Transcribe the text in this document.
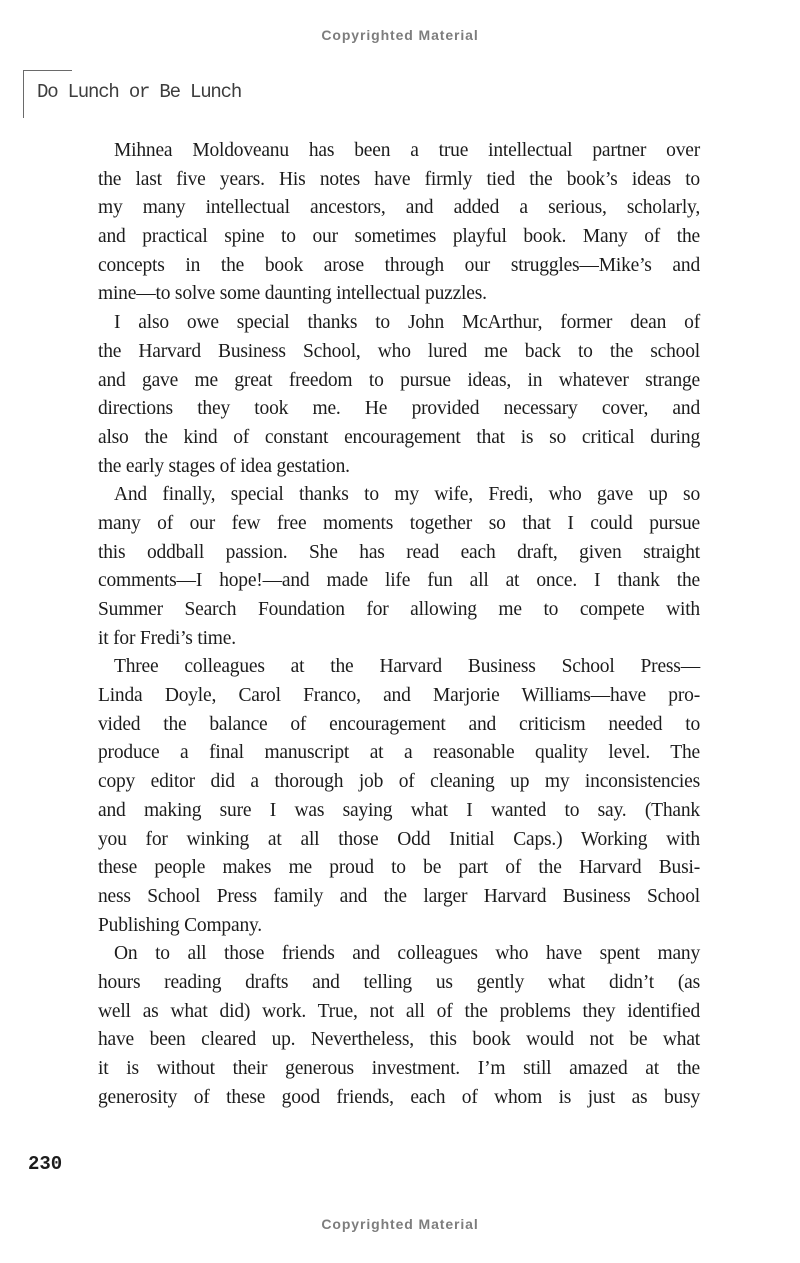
Copyrighted Material
Do Lunch or Be Lunch
Mihnea Moldoveanu has been a true intellectual partner over
the last five years. His notes have firmly tied the book’s ideas to
my many intellectual ancestors, and added a serious, scholarly,
and practical spine to our sometimes playful book. Many of the
concepts in the book arose through our struggles—Mike’s and
mine—to solve some daunting intellectual puzzles.
I also owe special thanks to John McArthur, former dean of
the Harvard Business School, who lured me back to the school
and gave me great freedom to pursue ideas, in whatever strange
directions they took me. He provided necessary cover, and
also the kind of constant encouragement that is so critical during
the early stages of idea gestation.
And finally, special thanks to my wife, Fredi, who gave up so
many of our few free moments together so that I could pursue
this oddball passion. She has read each draft, given straight
comments—I hope!—and made life fun all at once. I thank the
Summer Search Foundation for allowing me to compete with
it for Fredi’s time.
Three colleagues at the Harvard Business School Press—
Linda Doyle, Carol Franco, and Marjorie Williams—have pro-
vided the balance of encouragement and criticism needed to
produce a final manuscript at a reasonable quality level. The
copy editor did a thorough job of cleaning up my inconsistencies
and making sure I was saying what I wanted to say. (Thank
you for winking at all those Odd Initial Caps.) Working with
these people makes me proud to be part of the Harvard Busi-
ness School Press family and the larger Harvard Business School
Publishing Company.
On to all those friends and colleagues who have spent many
hours reading drafts and telling us gently what didn’t (as
well as what did) work. True, not all of the problems they identified
have been cleared up. Nevertheless, this book would not be what
it is without their generous investment. I’m still amazed at the
generosity of these good friends, each of whom is just as busy
230
Copyrighted Material
